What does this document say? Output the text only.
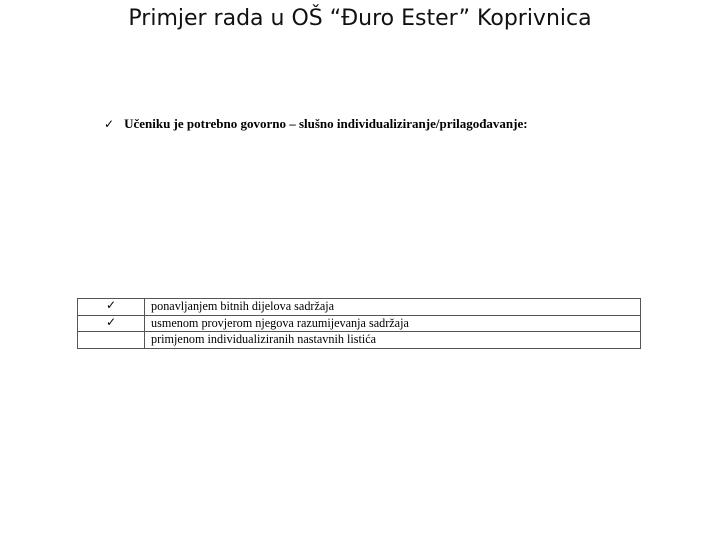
Primjer rada u OŠ “Đuro Ester” Koprivnica
✓ Učeniku je potrebno govorno – slušno individualiziranje/prilagođavanje:

✓	ponavljanjem bitnih dijelova sadržaja
✓	usmenom provjerom njegova razumijevanja sadržaja
	primjenom individualiziranih nastavnih listića
